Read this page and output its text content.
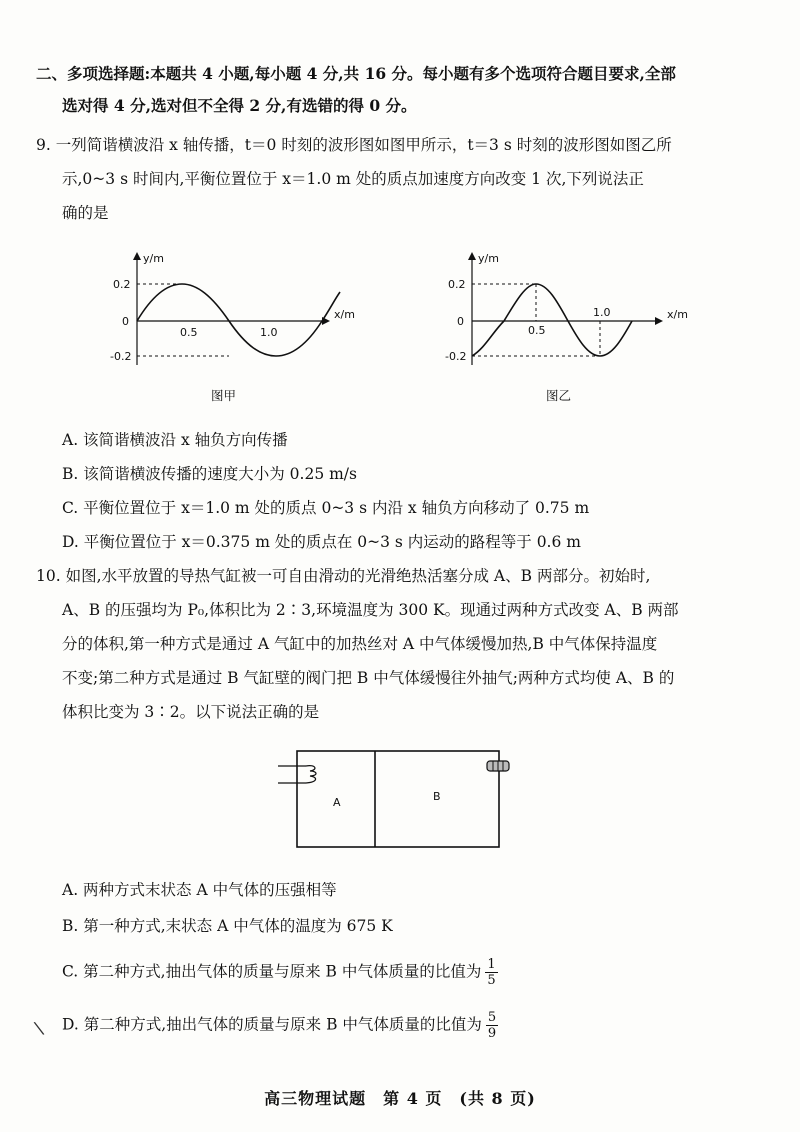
二、多项选择题:本题共 4 小题,每小题 4 分,共 16 分。每小题有多个选项符合题目要求,全部
选对得 4 分,选对但不全得 2 分,有选错的得 0 分。
9. 一列简谐横波沿 x 轴传播，t＝0 时刻的波形图如图甲所示，t＝3 s 时刻的波形图如图乙所
示,0~3 s 时间内,平衡位置位于 x＝1.0 m 处的质点加速度方向改变 1 次,下列说法正
确的是
y/m
x/m
0.2
0
-0.2
0.5	1.0
图甲
y/m
x/m
0.2
0
-0.2
0.5
1.0
图乙
A. 该简谐横波沿 x 轴负方向传播
B. 该简谐横波传播的速度大小为 0.25 m/s
C. 平衡位置位于 x＝1.0 m 处的质点 0~3 s 内沿 x 轴负方向移动了 0.75 m
D. 平衡位置位于 x＝0.375 m 处的质点在 0~3 s 内运动的路程等于 0.6 m
10. 如图,水平放置的导热气缸被一可自由滑动的光滑绝热活塞分成 A、B 两部分。初始时,
A、B 的压强均为 P₀,体积比为 2∶3,环境温度为 300 K。现通过两种方式改变 A、B 两部
分的体积,第一种方式是通过 A 气缸中的加热丝对 A 中气体缓慢加热,B 中气体保持温度
不变;第二种方式是通过 B 气缸壁的阀门把 B 中气体缓慢往外抽气;两种方式均使 A、B 的
体积比变为 3∶2。以下说法正确的是
A	B
A. 两种方式末状态 A 中气体的压强相等
B. 第一种方式,末状态 A 中气体的温度为 675 K
C. 第二种方式,抽出气体的质量与原来 B 中气体质量的比值为 $\frac{1}{5}$
D. 第二种方式,抽出气体的质量与原来 B 中气体质量的比值为 $\frac{5}{9}$
\
高三物理试题　第 4 页　(共 8 页)
